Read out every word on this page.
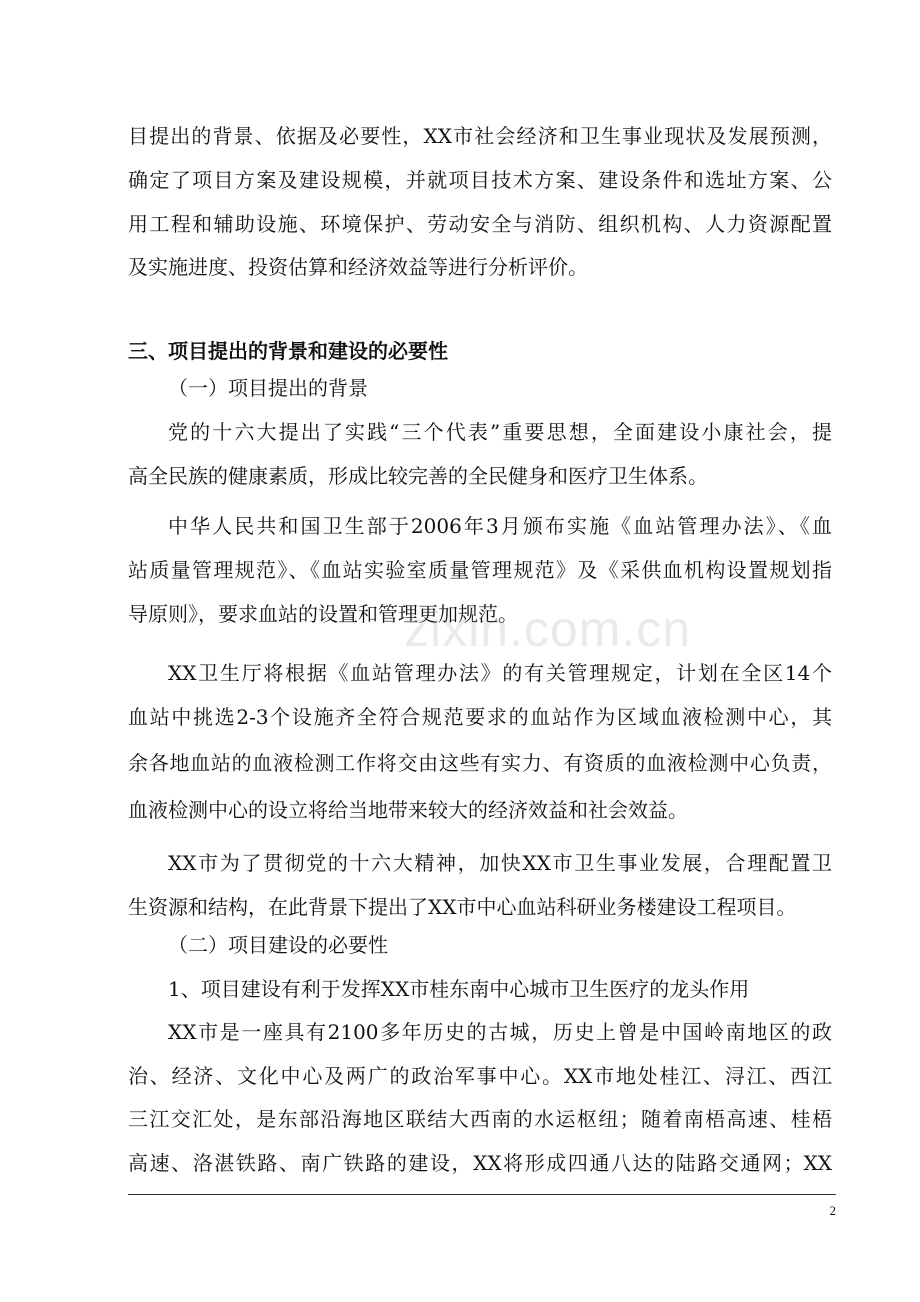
目提出的背景、依据及必要性，XX市社会经济和卫生事业现状及发展预测，
确定了项目方案及建设规模，并就项目技术方案、建设条件和选址方案、公
用工程和辅助设施、环境保护、劳动安全与消防、组织机构、人力资源配置
及实施进度、投资估算和经济效益等进行分析评价。
三、项目提出的背景和建设的必要性
（一）项目提出的背景
党的十六大提出了实践“三个代表”重要思想，全面建设小康社会，提
高全民族的健康素质，形成比较完善的全民健身和医疗卫生体系。
中华人民共和国卫生部于2006年3月颁布实施《血站管理办法》、《血
站质量管理规范》、《血站实验室质量管理规范》及《采供血机构设置规划指
导原则》，要求血站的设置和管理更加规范。
XX卫生厅将根据《血站管理办法》的有关管理规定，计划在全区14个
血站中挑选2-3个设施齐全符合规范要求的血站作为区域血液检测中心，其
余各地血站的血液检测工作将交由这些有实力、有资质的血液检测中心负责，
血液检测中心的设立将给当地带来较大的经济效益和社会效益。
XX市为了贯彻党的十六大精神，加快XX市卫生事业发展，合理配置卫
生资源和结构，在此背景下提出了XX市中心血站科研业务楼建设工程项目。
（二）项目建设的必要性
1、项目建设有利于发挥XX市桂东南中心城市卫生医疗的龙头作用
XX市是一座具有2100多年历史的古城，历史上曾是中国岭南地区的政
治、经济、文化中心及两广的政治军事中心。XX市地处桂江、浔江、西江
三江交汇处，是东部沿海地区联结大西南的水运枢纽；随着南梧高速、桂梧
高速、洛湛铁路、南广铁路的建设，XX将形成四通八达的陆路交通网；XX
zixin.com.cn
2
